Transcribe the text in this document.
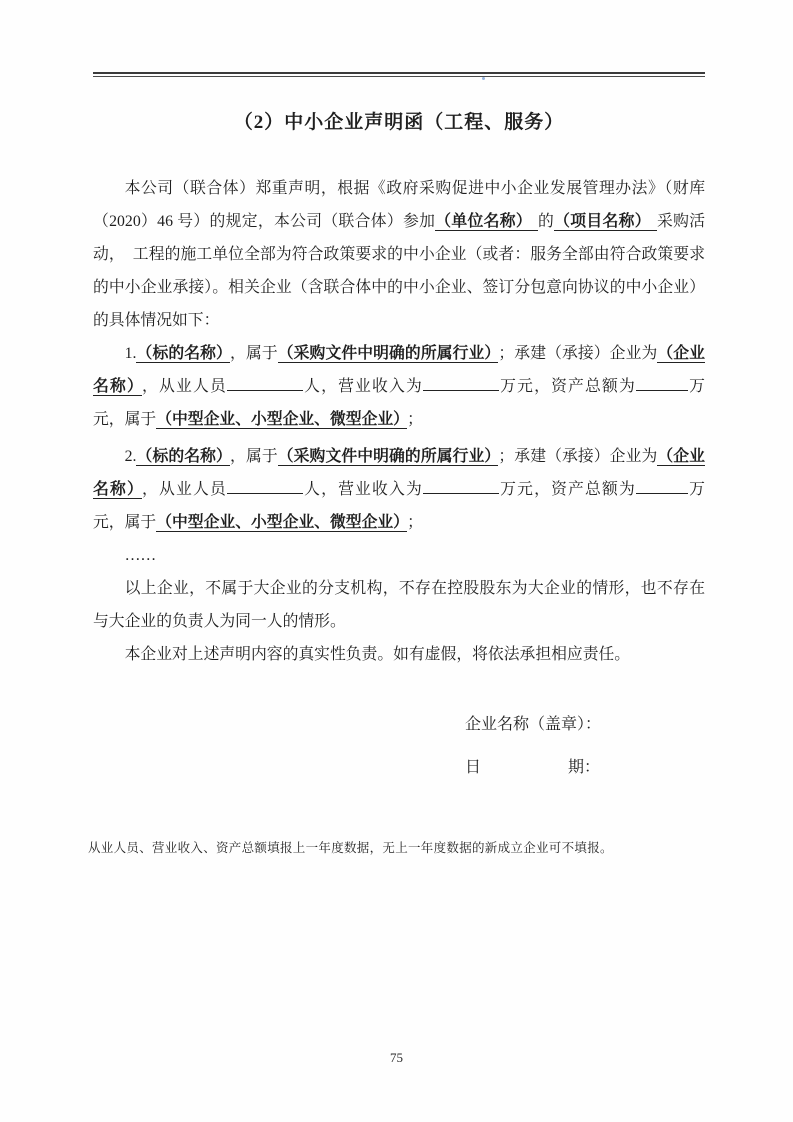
（2）中小企业声明函（工程、服务）

本公司（联合体）郑重声明，根据《政府采购促进中小企业发展管理办法》（财库（2020）46 号）的规定，本公司（联合体）参加（单位名称） 的（项目名称） 采购活动，　工程的施工单位全部为符合政策要求的中小企业（或者：服务全部由符合政策要求的中小企业承接）。相关企业（含联合体中的中小企业、签订分包意向协议的中小企业）的具体情况如下：

1.（标的名称） ，属于（采购文件中明确的所属行业） ；承建（承接）企业为（企业名称） ，从业人员	人，营业收入为	万元，资产总额为	万元，属于（中型企业、小型企业、微型企业） ；

2.（标的名称） ，属于（采购文件中明确的所属行业） ；承建（承接）企业为（企业名称） ，从业人员	人，营业收入为	万元，资产总额为	万元，属于（中型企业、小型企业、微型企业） ；

……

以上企业，不属于大企业的分支机构，不存在控股股东为大企业的情形，也不存在与大企业的负责人为同一人的情形。

本企业对上述声明内容的真实性负责。如有虚假，将依法承担相应责任。

企业名称（盖章）：
日	期：
从业人员、营业收入、资产总额填报上一年度数据，无上一年度数据的新成立企业可不填报。
75
